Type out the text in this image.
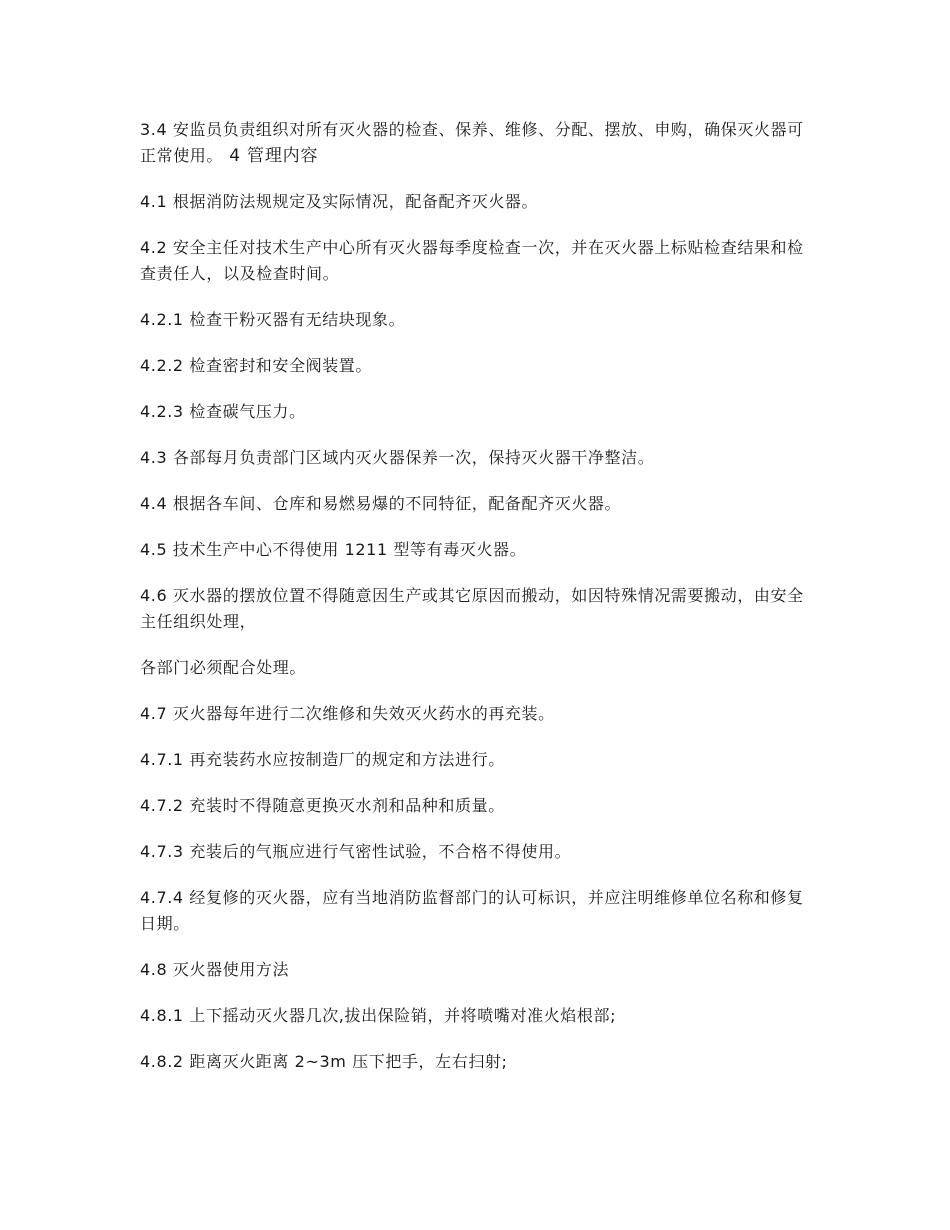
3.4 安监员负责组织对所有灭火器的检查、保养、维修、分配、摆放、申购，确保灭火器可正常使用。 4 管理内容

4.1 根据消防法规规定及实际情况，配备配齐灭火器。

4.2 安全主任对技术生产中心所有灭火器每季度检查一次，并在灭火器上标贴检查结果和检查责任人，以及检查时间。

4.2.1 检查干粉灭器有无结块现象。

4.2.2 检查密封和安全阀装置。

4.2.3 检查碳气压力。

4.3 各部每月负责部门区域内灭火器保养一次，保持灭火器干净整洁。

4.4 根据各车间、仓库和易燃易爆的不同特征，配备配齐灭火器。

4.5 技术生产中心不得使用 1211 型等有毒灭火器。

4.6 灭水器的摆放位置不得随意因生产或其它原因而搬动，如因特殊情况需要搬动，由安全主任组织处理，

各部门必须配合处理。

4.7 灭火器每年进行二次维修和失效灭火药水的再充装。

4.7.1 再充装药水应按制造厂的规定和方法进行。

4.7.2 充装时不得随意更换灭水剂和品种和质量。

4.7.3 充装后的气瓶应进行气密性试验，不合格不得使用。

4.7.4 经复修的灭火器，应有当地消防监督部门的认可标识，并应注明维修单位名称和修复日期。

4.8 灭火器使用方法

4.8.1 上下摇动灭火器几次,拔出保险销，并将喷嘴对准火焰根部;

4.8.2 距离灭火距离 2~3m 压下把手，左右扫射;
